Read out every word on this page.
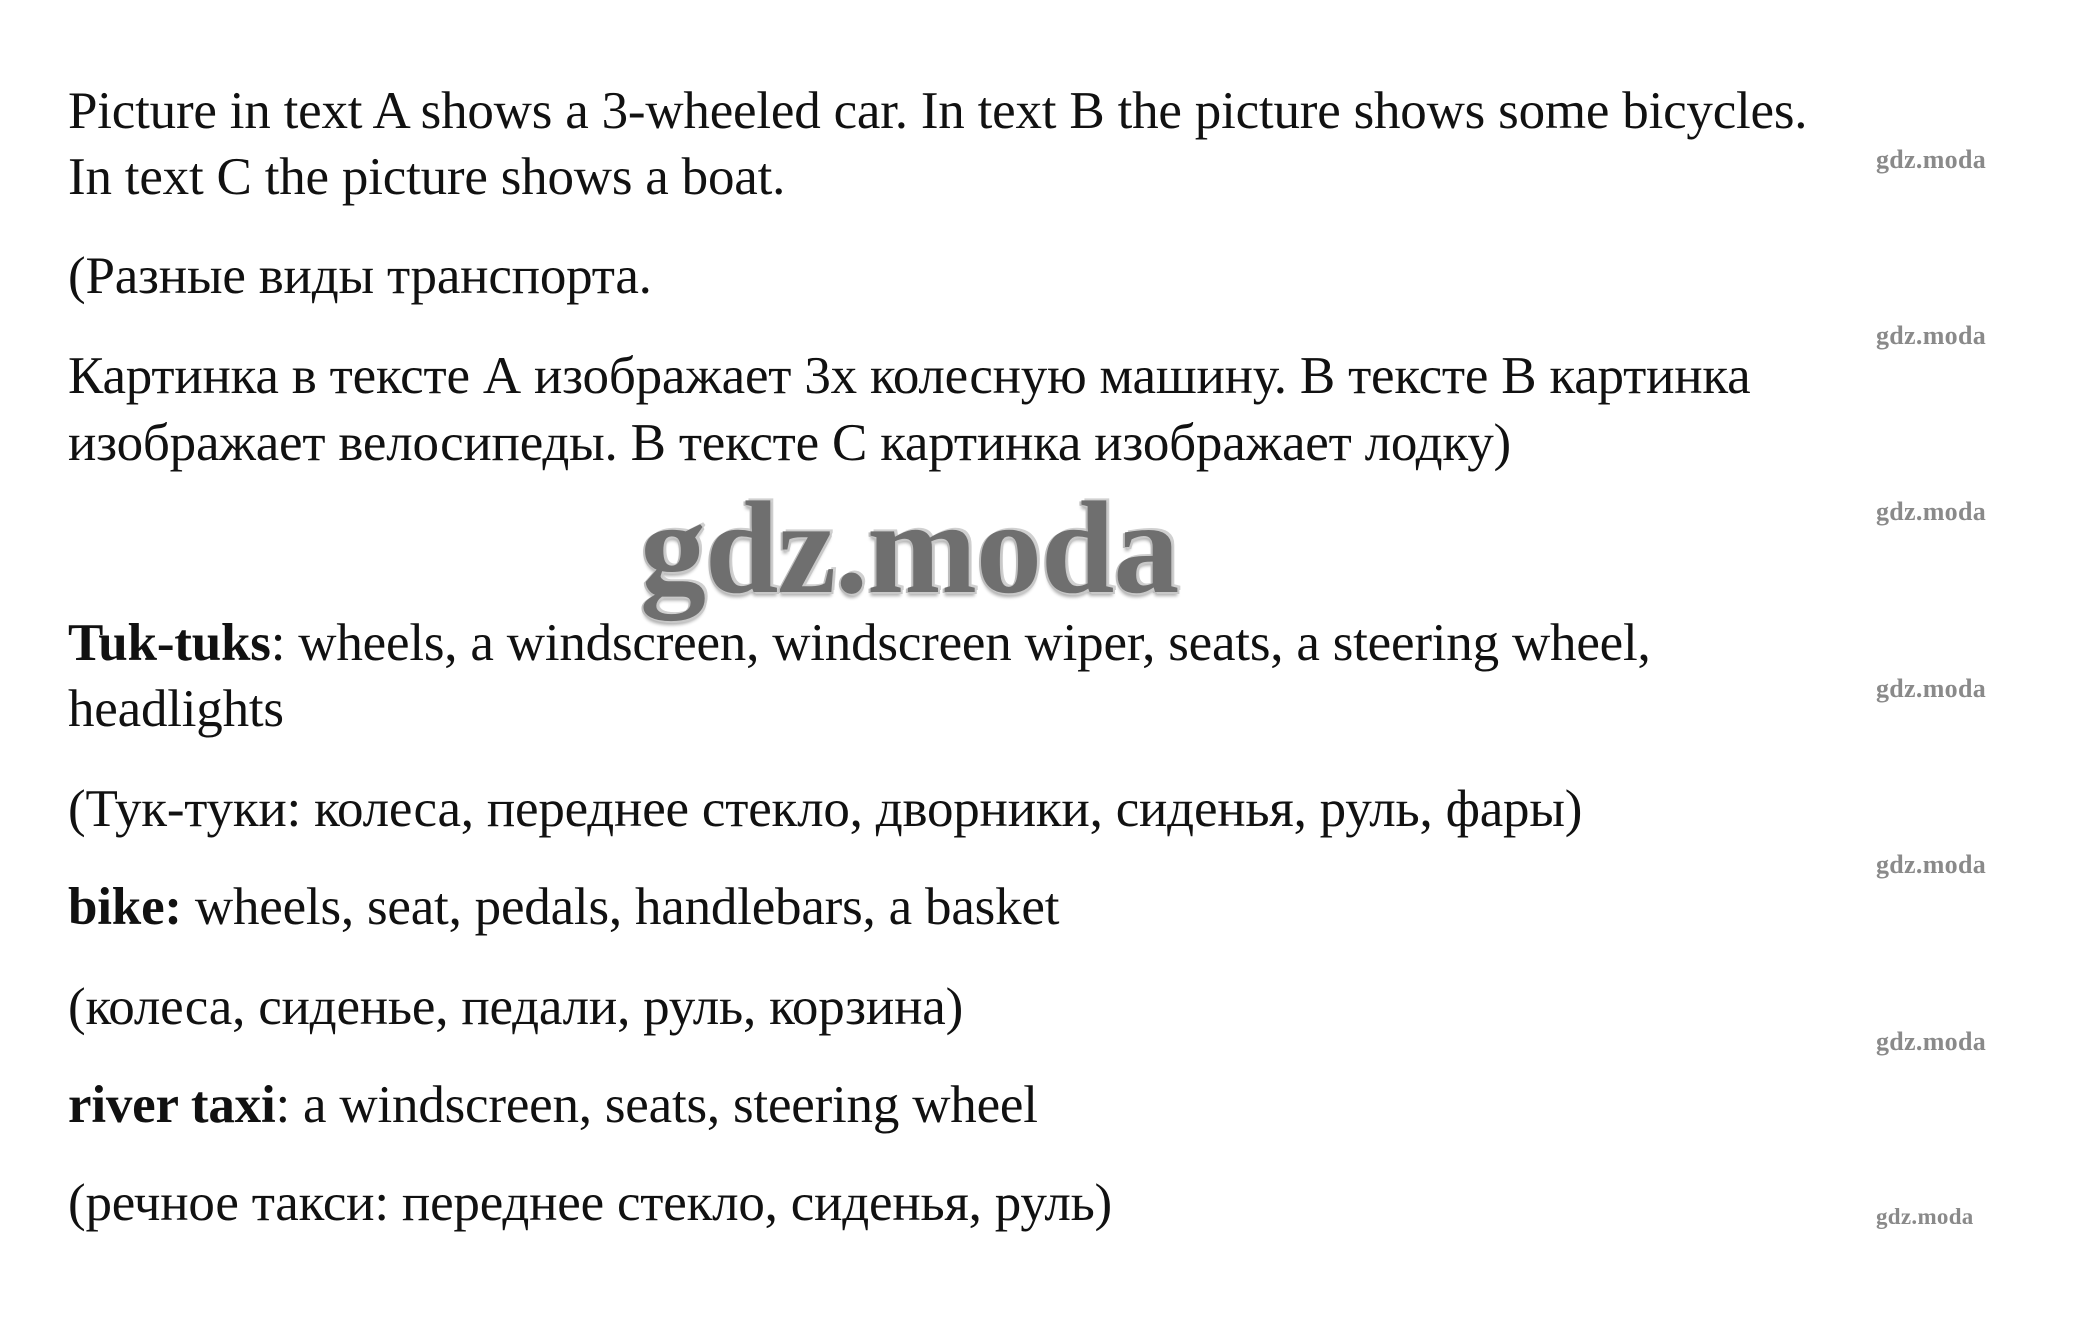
Picture in text A shows a 3-wheeled car. In text B the picture shows some bicycles.
In text C the picture shows a boat.
(Разные виды транспорта.
Картинка в тексте А изображает 3х колесную машину. В тексте В картинка
изображает велосипеды. В тексте С картинка изображает лодку)
gdz.moda
Tuk-tuks: wheels, a windscreen, windscreen wiper, seats, a steering wheel,
headlights
(Тук-туки: колеса, переднее стекло, дворники, сиденья, руль, фары)
bike: wheels, seat, pedals, handlebars, a basket
(колеса, сиденье, педали, руль, корзина)
river taxi: a windscreen, seats, steering wheel
(речное такси: переднее стекло, сиденья, руль)
gdz.moda
gdz.moda
gdz.moda
gdz.moda
gdz.moda
gdz.moda
gdz.moda
